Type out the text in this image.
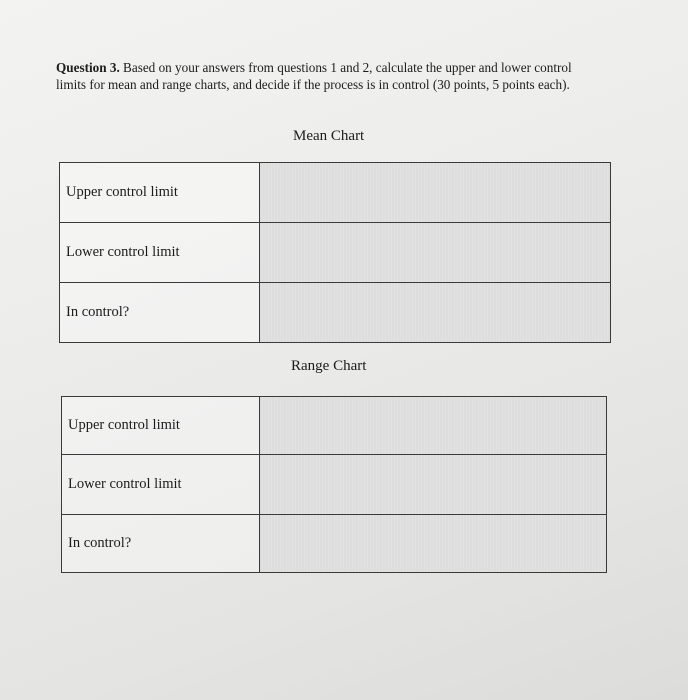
Question 3. Based on your answers from questions 1 and 2, calculate the upper and lower control limits for mean and range charts, and decide if the process is in control (30 points, 5 points each).
Mean Chart
Upper control limit	
Lower control limit	
In control?	
Range Chart
Upper control limit	
Lower control limit	
In control?	
